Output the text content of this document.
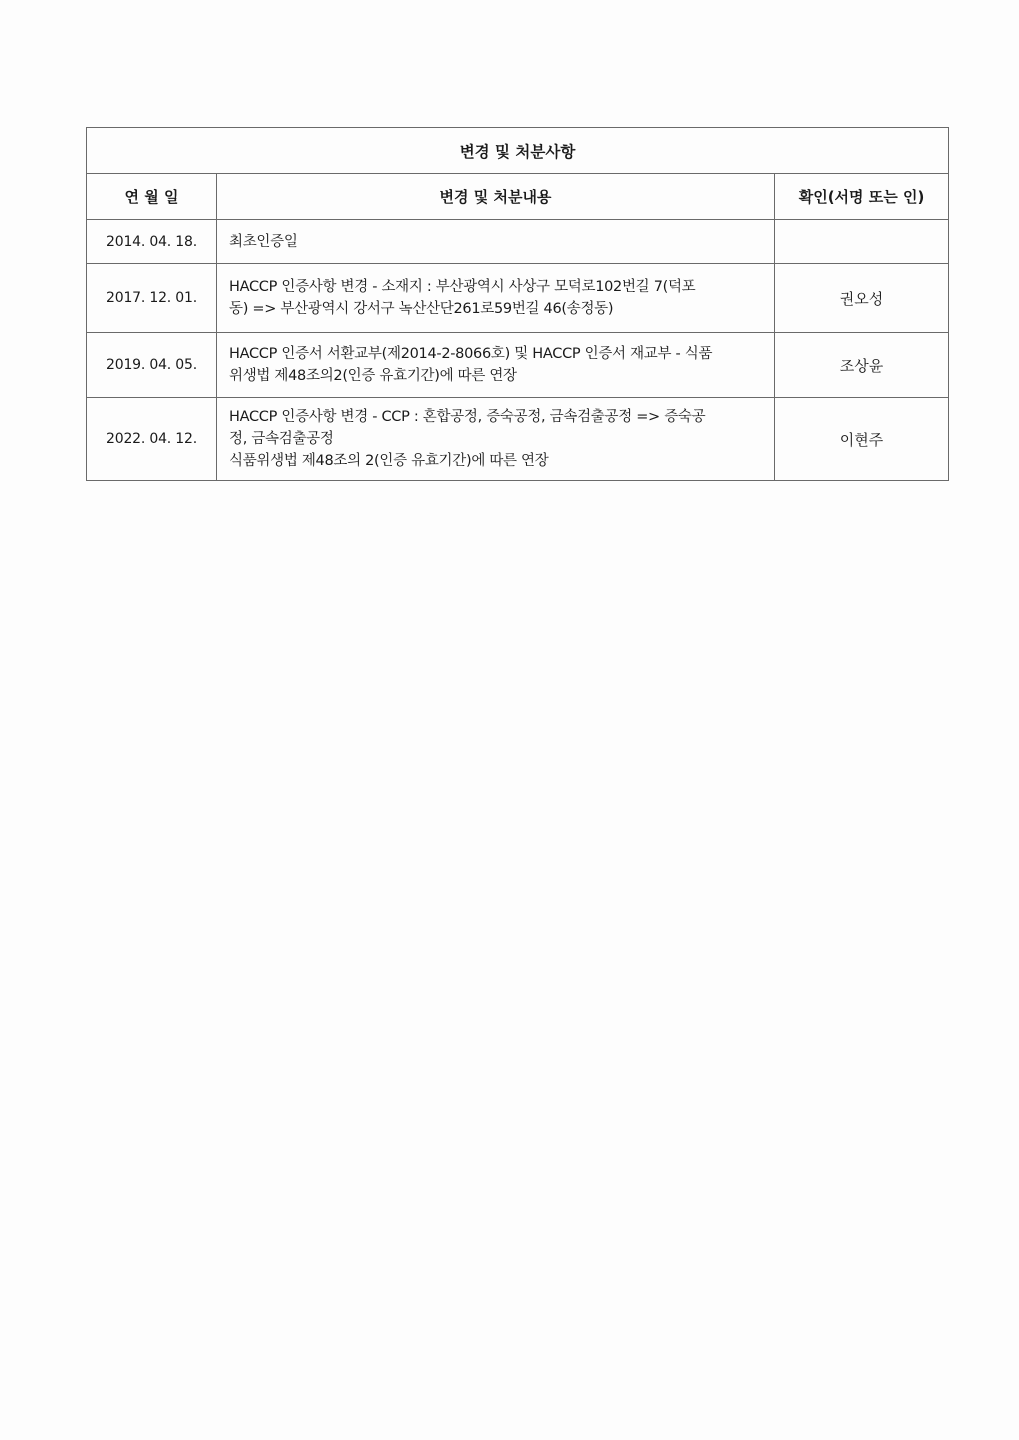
변경 및 처분사항		
연 월 일	변경 및 처분내용	확인(서명 또는 인)
2014. 04. 18.	최초인증일	

2017. 12. 01.	HACCP 인증사항 변경 - 소재지 : 부산광역시 사상구 모덕로102번길 7(덕포
동) => 부산광역시 강서구 녹산산단261로59번길 46(송정동)	권오성
2019. 04. 05.	HACCP 인증서 서환교부(제2014-2-8066호) 및 HACCP 인증서 재교부 - 식품
위생법 제48조의2(인증 유효기간)에 따른 연장	조상윤
2022. 04. 12.	HACCP 인증사항 변경 - CCP : 혼합공정, 증숙공정, 금속검출공정 => 증숙공
정, 금속검출공정
식품위생법 제48조의 2(인증 유효기간)에 따른 연장	이현주
